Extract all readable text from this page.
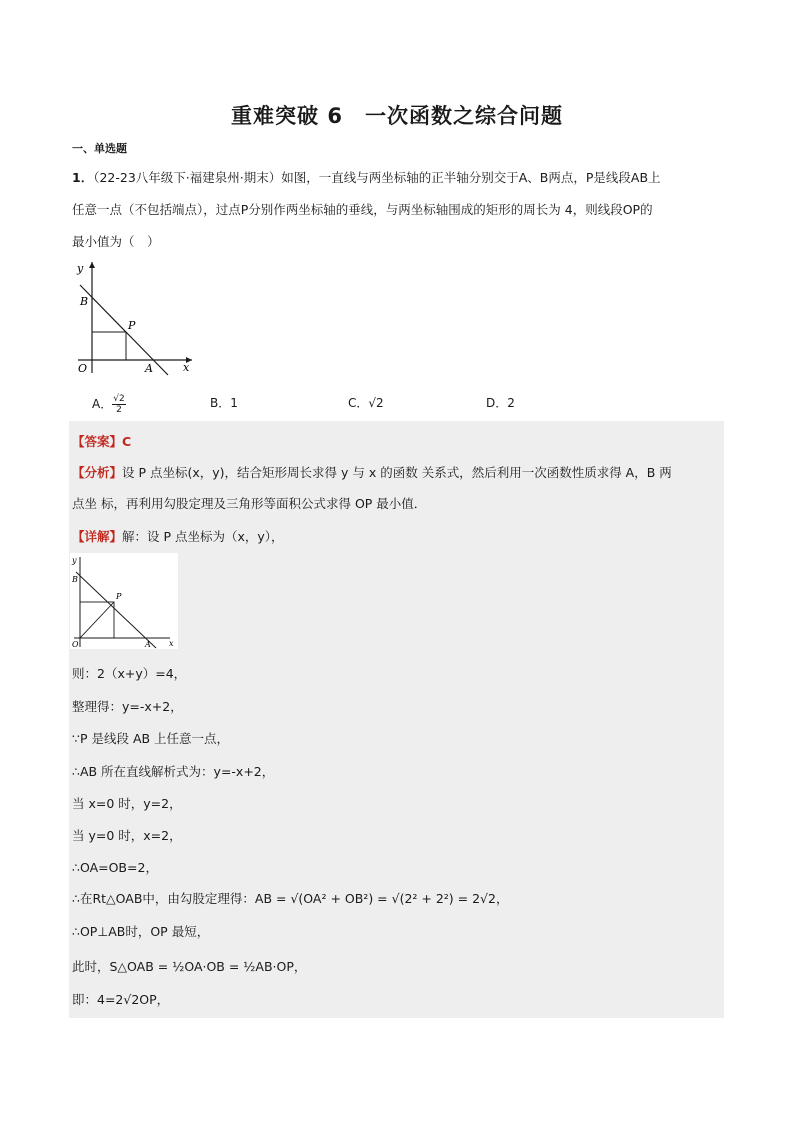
重难突破 6　一次函数之综合问题
一、单选题
1．（22-23八年级下·福建泉州·期末）如图，一直线与两坐标轴的正半轴分别交于A、B两点，P是线段AB上
任意一点（不包括端点），过点P分别作两坐标轴的垂线，与两坐标轴围成的矩形的周长为 4，则线段OP的
最小值为（　）
y
x
B
P
O	A
A． $\frac{√2}{2}$	B．1	C．√2	D．2
【答案】C
【分析】设 P 点坐标(x，y)，结合矩形周长求得 y 与 x 的函数 关系式，然后利用一次函数性质求得 A，B 两
点坐 标，再利用勾股定理及三角形等面积公式求得 OP 最小值．
【详解】解：设 P 点坐标为（x，y），
y
x
B
P
O	A
则：2（x+y）=4，
整理得：y=-x+2，
∵P 是线段 AB 上任意一点，
∴AB 所在直线解析式为：y=-x+2，
当 x=0 时，y=2，
当 y=0 时，x=2，
∴OA=OB=2，
∴在Rt△OAB中，由勾股定理得：AB = √(OA² + OB²) = √(2² + 2²) = 2√2，
∴OP⊥AB时，OP 最短，
此时，S△OAB = ½OA·OB = ½AB·OP，
即：4=2√2OP，
